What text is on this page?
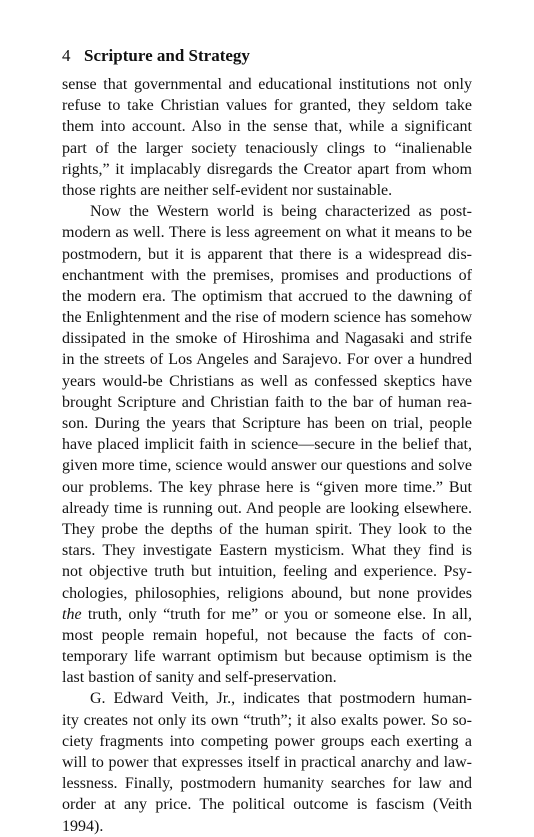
4 Scripture and Strategy
sense that governmental and educational institutions not only
refuse to take Christian values for granted, they seldom take
them into account. Also in the sense that, while a significant
part of the larger society tenaciously clings to “inalienable
rights,” it implacably disregards the Creator apart from whom
those rights are neither self-evident nor sustainable.
Now the Western world is being characterized as post-
modern as well. There is less agreement on what it means to be
postmodern, but it is apparent that there is a widespread dis-
enchantment with the premises, promises and productions of
the modern era. The optimism that accrued to the dawning of
the Enlightenment and the rise of modern science has somehow
dissipated in the smoke of Hiroshima and Nagasaki and strife
in the streets of Los Angeles and Sarajevo. For over a hundred
years would-be Christians as well as confessed skeptics have
brought Scripture and Christian faith to the bar of human rea-
son. During the years that Scripture has been on trial, people
have placed implicit faith in science—secure in the belief that,
given more time, science would answer our questions and solve
our problems. The key phrase here is “given more time.” But
already time is running out. And people are looking elsewhere.
They probe the depths of the human spirit. They look to the
stars. They investigate Eastern mysticism. What they find is
not objective truth but intuition, feeling and experience. Psy-
chologies, philosophies, religions abound, but none provides
the truth, only “truth for me” or you or someone else. In all,
most people remain hopeful, not because the facts of con-
temporary life warrant optimism but because optimism is the
last bastion of sanity and self-preservation.
G. Edward Veith, Jr., indicates that postmodern human-
ity creates not only its own “truth”; it also exalts power. So so-
ciety fragments into competing power groups each exerting a
will to power that expresses itself in practical anarchy and law-
lessness. Finally, postmodern humanity searches for law and
order at any price. The political outcome is fascism (Veith
1994).
